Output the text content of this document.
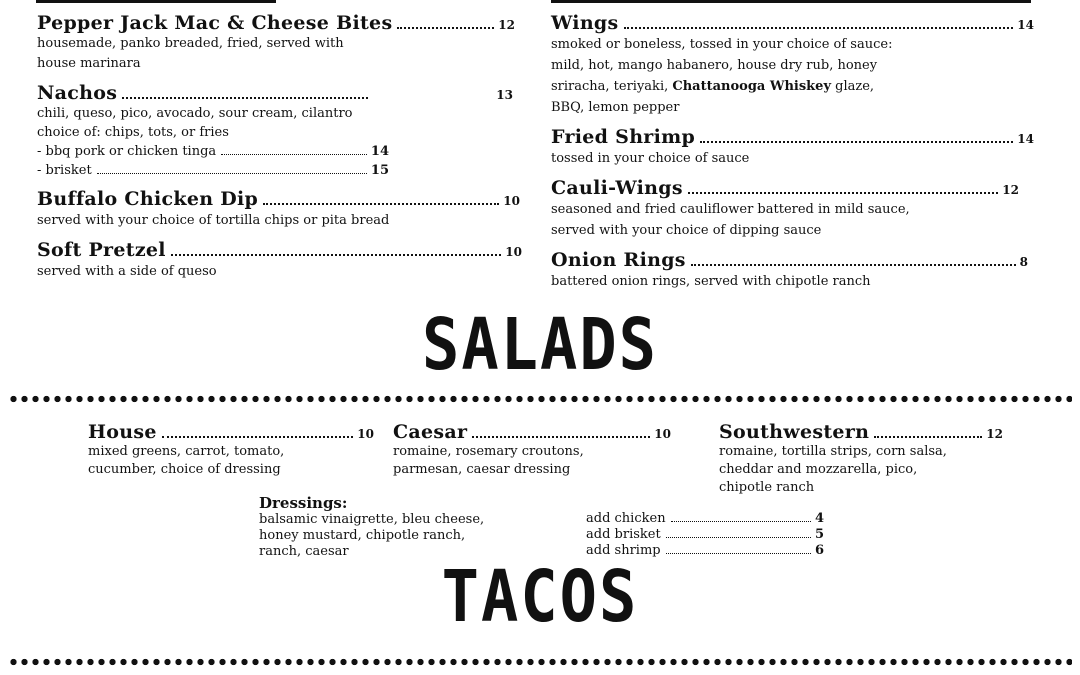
Pepper Jack Mac & Cheese Bites	12
housemade, panko breaded, fried, served with
house marinara
Nachos	13
chili, queso, pico, avocado, sour cream, cilantro
choice of: chips, tots, or fries
- bbq pork or chicken tinga	14
- brisket	15
Buffalo Chicken Dip	10
served with your choice of tortilla chips or pita bread
Soft Pretzel	10
served with a side of queso
Wings	14
smoked or boneless, tossed in your choice of sauce:
mild, hot, mango habanero, house dry rub, honey
sriracha, teriyaki, Chattanooga Whiskey glaze,
BBQ, lemon pepper
Fried Shrimp	14
tossed in your choice of sauce
Cauli-Wings	12
seasoned and fried cauliflower battered in mild sauce,
served with your choice of dipping sauce
Onion Rings	8
battered onion rings, served with chipotle ranch
SALADS
House	10
mixed greens, carrot, tomato,
cucumber, choice of dressing
Caesar	10
romaine, rosemary croutons,
parmesan, caesar dressing
Southwestern	12
romaine, tortilla strips, corn salsa,
cheddar and mozzarella, pico,
chipotle ranch
Dressings:
balsamic vinaigrette, bleu cheese,
honey mustard, chipotle ranch,
ranch, caesar
add chicken	4
add brisket	5
add shrimp	6
TACOS
